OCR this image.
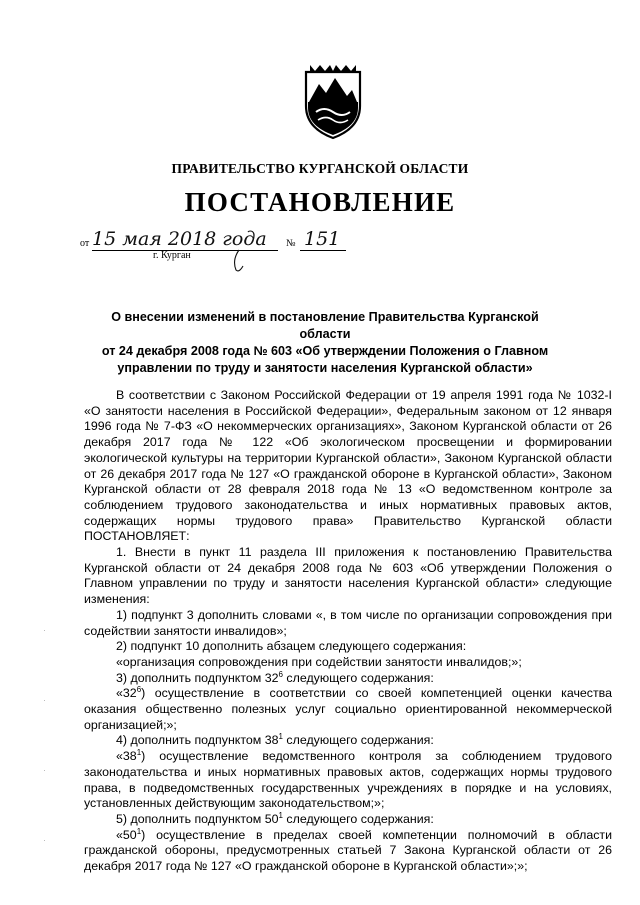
ПРАВИТЕЛЬСТВО КУРГАНСКОЙ ОБЛАСТИ
ПОСТАНОВЛЕНИЕ
от 15 мая 2018 года № 151
г. Курган
О внесении изменений в постановление Правительства Курганской области
от 24 декабря 2008 года № 603 «Об утверждении Положения о Главном
управлении по труду и занятости населения Курганской области»

В соответствии с Законом Российской Федерации от 19 апреля 1991 года № 1032-I «О занятости населения в Российской Федерации», Федеральным законом от 12 января 1996 года № 7-ФЗ «О некоммерческих организациях», Законом Курганской области от 26 декабря 2017 года № 122 «Об экологическом просвещении и формировании экологической культуры на территории Курганской области», Законом Курганской области от 26 декабря 2017 года № 127 «О гражданской обороне в Курганской области», Законом Курганской области от 28 февраля 2018 года № 13 «О ведомственном контроле за соблюдением трудового законодательства и иных нормативных правовых актов, содержащих нормы трудового права» Правительство Курганской области ПОСТАНОВЛЯЕТ:

1. Внести в пункт 11 раздела III приложения к постановлению Правительства Курганской области от 24 декабря 2008 года № 603 «Об утверждении Положения о Главном управлении по труду и занятости населения Курганской области» следующие изменения:

1) подпункт 3 дополнить словами «, в том числе по организации сопровождения при содействии занятости инвалидов»;

2) подпункт 10 дополнить абзацем следующего содержания:

«организация сопровождения при содействии занятости инвалидов;»;

3) дополнить подпунктом $32^6$ следующего содержания:

«$32^6$) осуществление в соответствии со своей компетенцией оценки качества оказания общественно полезных услуг социально ориентированной некоммерческой организацией;»;

4) дополнить подпунктом $38^1$ следующего содержания:

«$38^1$) осуществление ведомственного контроля за соблюдением трудового законодательства и иных нормативных правовых актов, содержащих нормы трудового права, в подведомственных государственных учреждениях в порядке и на условиях, установленных действующим законодательством;»;

5) дополнить подпунктом $50^1$ следующего содержания:

«$50^1$) осуществление в пределах своей компетенции полномочий в области гражданской обороны, предусмотренных статьей 7 Закона Курганской области от 26 декабря 2017 года № 127 «О гражданской обороне в Курганской области»;»;
